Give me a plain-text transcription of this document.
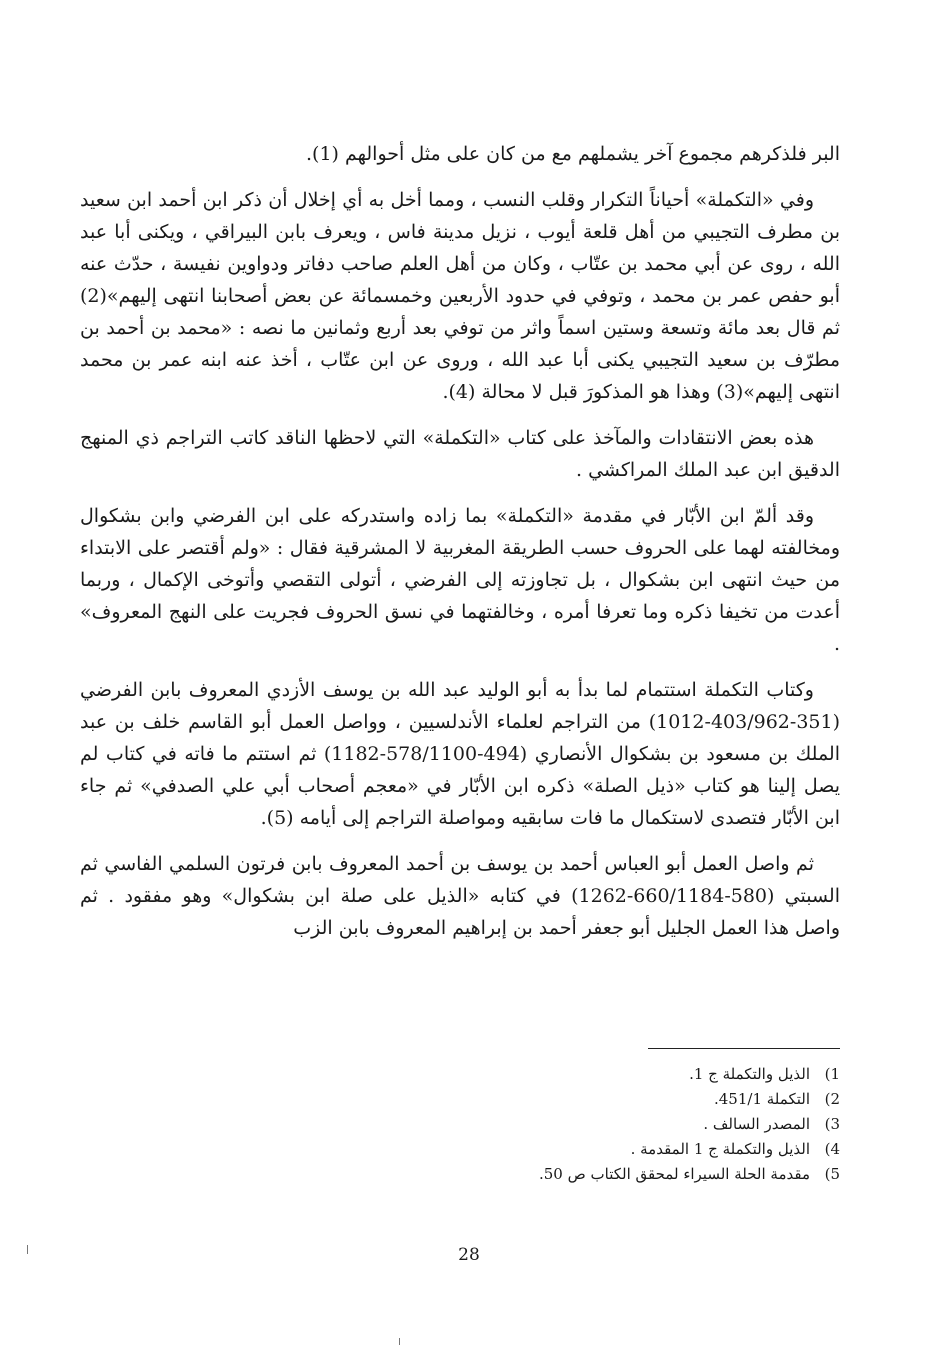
البر فلذكرهم مجموع آخر يشملهم مع من كان على مثل أحوالهم (1).

وفي «التكملة» أحياناً التكرار وقلب النسب ، ومما أخل به أي إخلال أن ذكر ابن أحمد ابن سعيد بن مطرف التجيبي من أهل قلعة أيوب ، نزيل مدينة فاس ، ويعرف بابن البيراقي ، ويكنى أبا عبد الله ، روى عن أبي محمد بن عتّاب ، وكان من أهل العلم صاحب دفاتر ودواوين نفيسة ، حدّث عنه أبو حفص عمر بن محمد ، وتوفي في حدود الأربعين وخمسمائة عن بعض أصحابنا انتهى إليهم»(2) ثم قال بعد مائة وتسعة وستين اسماً واثر من توفي بعد أربع وثمانين ما نصه : «محمد بن أحمد بن مطرّف بن سعيد التجيبي يكنى أبا عبد الله ، وروى عن ابن عتّاب ، أخذ عنه ابنه عمر بن محمد انتهى إليهم»(3) وهذا هو المذكورَ قبل لا محالة (4).

هذه بعض الانتقادات والمآخذ على كتاب «التكملة» التي لاحظها الناقد كاتب التراجم ذي المنهج الدقيق ابن عبد الملك المراكشي .

وقد ألمّ ابن الأبّار في مقدمة «التكملة» بما زاده واستدركه على ابن الفرضي وابن بشكوال ومخالفته لهما على الحروف حسب الطريقة المغربية لا المشرقية فقال : «ولم أقتصر على الابتداء من حيث انتهى ابن بشكوال ، بل تجاوزته إلى الفرضي ، أتولى التقصي وأتوخى الإكمال ، وربما أعدت من تخيفا ذكره وما تعرفا أمره ، وخالفتهما في نسق الحروف فجريت على النهج المعروف» .

وكتاب التكملة استتمام لما بدأ به أبو الوليد عبد الله بن يوسف الأزدي المعروف بابن الفرضي (351-403/962-1012) من التراجم لعلماء الأندلسيين ، وواصل العمل أبو القاسم خلف بن عبد الملك بن مسعود بن بشكوال الأنصاري (494-578/1100-1182) ثم استتم ما فاته في كتاب لم يصل إلينا هو كتاب «ذيل الصلة» ذكره ابن الأبّار في «معجم أصحاب أبي علي الصدفي» ثم جاء ابن الأبّار فتصدى لاستكمال ما فات سابقيه ومواصلة التراجم إلى أيامه (5).

ثم واصل العمل أبو العباس أحمد بن يوسف بن أحمد المعروف بابن فرتون السلمي الفاسي ثم السبتي (580-660/1184-1262) في كتابه «الذيل على صلة ابن بشكوال» وهو مفقود . ثم واصل هذا العمل الجليل أبو جعفر أحمد بن إبراهيم المعروف بابن الزب

1)
الذيل والتكملة ج 1.
2)
التكملة 451/1.
3)
المصدر السالف .
4)
الذيل والتكملة ج 1 المقدمة .
5)
مقدمة الحلة السيراء لمحقق الكتاب ص 50.
28
